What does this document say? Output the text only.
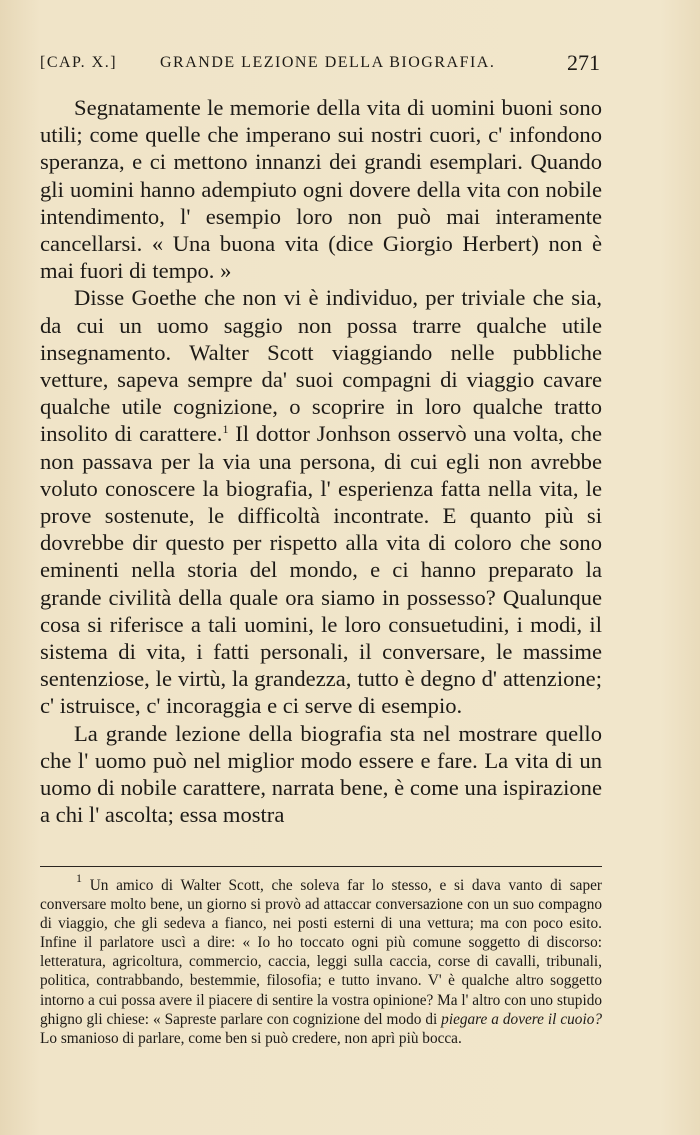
[CAP. X.]	GRANDE LEZIONE DELLA BIOGRAFIA.	271

Segnatamente le memorie della vita di uomini buoni sono utili; come quelle che imperano sui nostri cuori, c' infondono speranza, e ci mettono innanzi dei grandi esemplari. Quando gli uomini hanno adempiuto ogni dovere della vita con nobile intendimento, l' esempio loro non può mai interamente cancellarsi. « Una buona vita (dice Giorgio Herbert) non è mai fuori di tempo. »

Disse Goethe che non vi è individuo, per triviale che sia, da cui un uomo saggio non possa trarre qualche utile insegnamento. Walter Scott viaggiando nelle pubbliche vetture, sapeva sempre da' suoi compagni di viaggio cavare qualche utile cognizione, o scoprire in loro qualche tratto insolito di carattere.$^1$ Il dottor Jonhson osservò una volta, che non passava per la via una persona, di cui egli non avrebbe voluto conoscere la biografia, l' esperienza fatta nella vita, le prove sostenute, le difficoltà incontrate. E quanto più si dovrebbe dir questo per rispetto alla vita di coloro che sono eminenti nella storia del mondo, e ci hanno preparato la grande civilità della quale ora siamo in possesso? Qualunque cosa si riferisce a tali uomini, le loro consuetudini, i modi, il sistema di vita, i fatti personali, il conversare, le massime sentenziose, le virtù, la grandezza, tutto è degno d' attenzione; c' istruisce, c' incoraggia e ci serve di esempio.

La grande lezione della biografia sta nel mostrare quello che l' uomo può nel miglior modo essere e fare. La vita di un uomo di nobile carattere, narrata bene, è come una ispirazione a chi l' ascolta; essa mostra

$^1$ Un amico di Walter Scott, che soleva far lo stesso, e si dava vanto di saper conversare molto bene, un giorno si provò ad attaccar conversazione con un suo compagno di viaggio, che gli sedeva a fianco, nei posti esterni di una vettura; ma con poco esito. Infine il parlatore uscì a dire: « Io ho toccato ogni più comune soggetto di discorso: letteratura, agricoltura, commercio, caccia, leggi sulla caccia, corse di cavalli, tribunali, politica, contrabbando, bestemmie, filosofia; e tutto invano. V' è qualche altro soggetto intorno a cui possa avere il piacere di sentire la vostra opinione? Ma l' altro con uno stupido ghigno gli chiese: « Sapreste parlare con cognizione del modo di piegare a dovere il cuoio? Lo smanioso di parlare, come ben si può credere, non aprì più bocca.
